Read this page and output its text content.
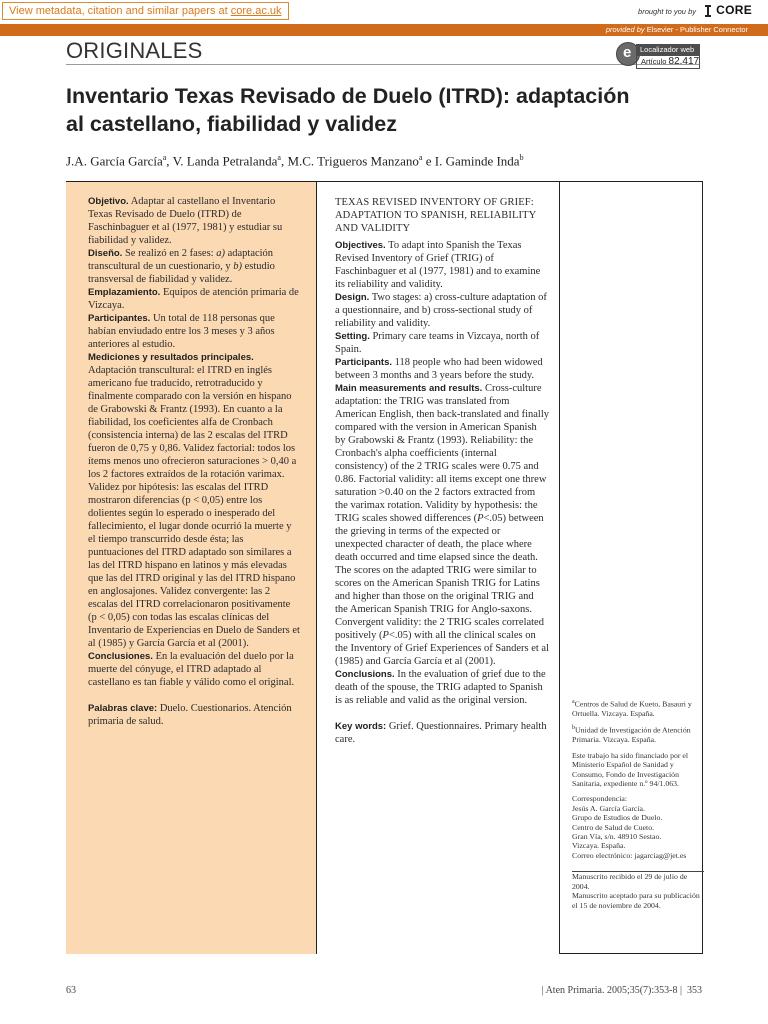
View metadata, citation and similar papers at core.ac.uk	brought to you by CORE
provided by Elsevier - Publisher Connector
ORIGINALES	e	Localizador web
Artículo 82.417
Inventario Texas Revisado de Duelo (ITRD): adaptación
al castellano, fiabilidad y validez
J.A. García García$^a$, V. Landa Petralanda$^a$, M.C. Trigueros Manzano$^a$ e I. Gaminde Inda$^b$

Objetivo. Adaptar al castellano el Inventario Texas Revisado de Duelo (ITRD) de Faschinbaguer et al (1977, 1981) y estudiar su fiabilidad y validez.

Diseño. Se realizó en 2 fases: a) adaptación transcultural de un cuestionario, y b) estudio transversal de fiabilidad y validez.

Emplazamiento. Equipos de atención primaria de Vizcaya.

Participantes. Un total de 118 personas que habían enviudado entre los 3 meses y 3 años anteriores al estudio.

Mediciones y resultados principales.
Adaptación transcultural: el ITRD en inglés americano fue traducido, retrotraducido y finalmente comparado con la versión en hispano de Grabowski & Frantz (1993). En cuanto a la fiabilidad, los coeficientes alfa de Cronbach (consistencia interna) de las 2 escalas del ITRD fueron de 0,75 y 0,86. Validez factorial: todos los ítems menos uno ofrecieron saturaciones > 0,40 a los 2 factores extraídos de la rotación varimax. Validez por hipótesis: las escalas del ITRD mostraron diferencias (p < 0,05) entre los dolientes según lo esperado o inesperado del fallecimiento, el lugar donde ocurrió la muerte y el tiempo transcurrido desde ésta; las puntuaciones del ITRD adaptado son similares a las del ITRD hispano en latinos y más elevadas que las del ITRD original y las del ITRD hispano en anglosajones. Validez convergente: las 2 escalas del ITRD correlacionaron positivamente (p < 0,05) con todas las escalas clínicas del Inventario de Experiencias en Duelo de Sanders et al (1985) y García García et al (2001).

Conclusiones. En la evaluación del duelo por la muerte del cónyuge, el ITRD adaptado al castellano es tan fiable y válido como el original.

Palabras clave: Duelo. Cuestionarios. Atención primaria de salud.

TEXAS REVISED INVENTORY OF GRIEF: ADAPTATION TO SPANISH, RELIABILITY AND VALIDITY

Objectives. To adapt into Spanish the Texas Revised Inventory of Grief (TRIG) of Faschinbaguer et al (1977, 1981) and to examine its reliability and validity.

Design. Two stages: a) cross-culture adaptation of a questionnaire, and b) cross-sectional study of reliability and validity.

Setting. Primary care teams in Vizcaya, north of Spain.

Participants. 118 people who had been widowed between 3 months and 3 years before the study.

Main measurements and results. Cross-culture adaptation: the TRIG was translated from American English, then back-translated and finally compared with the version in American Spanish by Grabowski & Frantz (1993). Reliability: the Cronbach's alpha coefficients (internal consistency) of the 2 TRIG scales were 0.75 and 0.86. Factorial validity: all items except one threw saturation >0.40 on the 2 factors extracted from the varimax rotation. Validity by hypothesis: the TRIG scales showed differences (P<.05) between the grieving in terms of the expected or unexpected character of death, the place where death occurred and time elapsed since the death. The scores on the adapted TRIG were similar to scores on the American Spanish TRIG for Latins and higher than those on the original TRIG and the American Spanish TRIG for Anglo-saxons. Convergent validity: the 2 TRIG scales correlated positively (P<.05) with all the clinical scales on the Inventory of Grief Experiences of Sanders et al (1985) and García García et al (2001).

Conclusions. In the evaluation of grief due to the death of the spouse, the TRIG adapted to Spanish is as reliable and valid as the original version.

Key words: Grief. Questionnaires. Primary health care.

$^a$Centros de Salud de Kueto, Basauri y Ortuella. Vizcaya. España.

$^b$Unidad de Investigación de Atención Primaria. Vizcaya. España.

Este trabajo ha sido financiado por el Ministerio Español de Sanidad y Consumo, Fondo de Investigación Sanitaria, expediente n.º 94/1.063.

Correspondencia:

Jesús A. García García.

Grupo de Estudios de Duelo.

Centro de Salud de Cueto.

Gran Vía, s/n. 48910 Sestao.

Vizcaya. España.

Correo electrónico: jagarciag@jet.es

Manuscrito recibido el 29 de julio de 2004.

Manuscrito aceptado para su publicación el 15 de noviembre de 2004.

63	| Aten Primaria. 2005;35(7):353-8 | 353
